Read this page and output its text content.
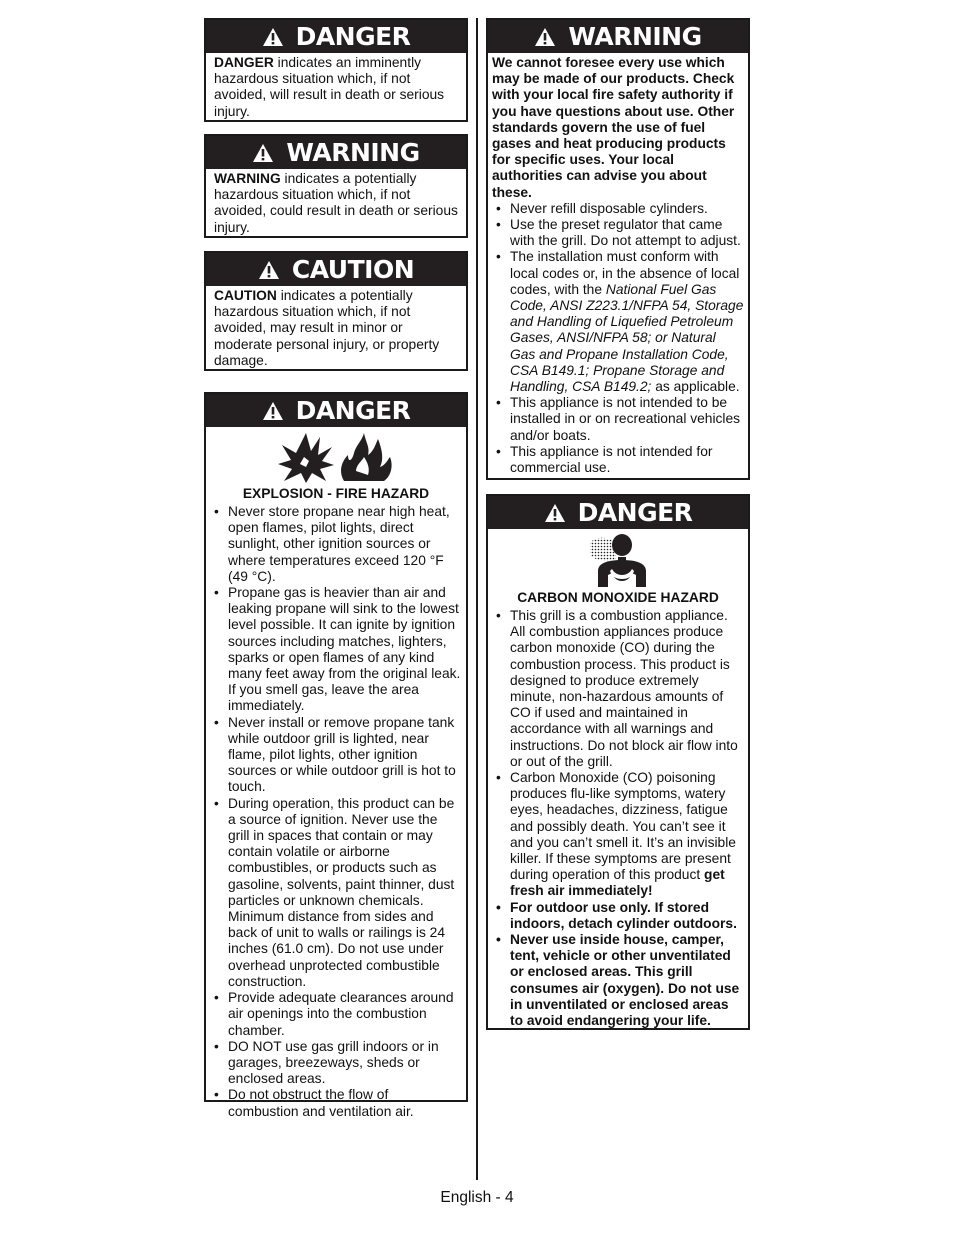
DANGER
DANGER indicates an imminently hazardous situation which, if not avoided, will result in death or serious injury.
WARNING
WARNING indicates a potentially hazardous situation which, if not avoided, could result in death or serious injury.
CAUTION
CAUTION indicates a potentially hazardous situation which, if not avoided, may result in minor or moderate personal injury, or property damage.
DANGER
EXPLOSION - FIRE HAZARD
• Never store propane near high heat, open flames, pilot lights, direct sunlight, other ignition sources or where temperatures exceed 120 °F (49 °C).
• Propane gas is heavier than air and leaking propane will sink to the lowest level possible. It can ignite by ignition sources including matches, lighters, sparks or open flames of any kind many feet away from the original leak. If you smell gas, leave the area immediately.
• Never install or remove propane tank while outdoor grill is lighted, near flame, pilot lights, other ignition sources or while outdoor grill is hot to touch.
• During operation, this product can be a source of ignition. Never use the grill in spaces that contain or may contain volatile or airborne combustibles, or products such as gasoline, solvents, paint thinner, dust particles or unknown chemicals. Minimum distance from sides and back of unit to walls or railings is 24 inches (61.0 cm). Do not use under overhead unprotected combustible construction.
• Provide adequate clearances around air openings into the combustion chamber.
• DO NOT use gas grill indoors or in garages, breezeways, sheds or enclosed areas.
• Do not obstruct the flow of combustion and ventilation air.
WARNING
We cannot foresee every use which may be made of our products. Check with your local fire safety authority if you have questions about use. Other standards govern the use of fuel gases and heat producing products for specific uses. Your local authorities can advise you about these.
• Never refill disposable cylinders.
• Use the preset regulator that came with the grill. Do not attempt to adjust.
• The installation must conform with local codes or, in the absence of local codes, with the National Fuel Gas Code, ANSI Z223.1/NFPA 54, Storage and Handling of Liquefied Petroleum Gases, ANSI/NFPA 58; or Natural Gas and Propane Installation Code, CSA B149.1; Propane Storage and Handling, CSA B149.2; as applicable.
• This appliance is not intended to be installed in or on recreational vehicles and/or boats.
• This appliance is not intended for commercial use.
DANGER
CARBON MONOXIDE HAZARD
• This grill is a combustion appliance. All combustion appliances produce carbon monoxide (CO) during the combustion process. This product is designed to produce extremely minute, non-hazardous amounts of CO if used and maintained in accordance with all warnings and instructions. Do not block air flow into or out of the grill.
• Carbon Monoxide (CO) poisoning produces flu-like symptoms, watery eyes, headaches, dizziness, fatigue and possibly death. You can’t see it and you can’t smell it. It’s an invisible killer. If these symptoms are present during operation of this product get fresh air immediately!
• For outdoor use only. If stored indoors, detach cylinder outdoors.
• Never use inside house, camper, tent, vehicle or other unventilated or enclosed areas. This grill consumes air (oxygen). Do not use in unventilated or enclosed areas to avoid endangering your life.
English - 4
